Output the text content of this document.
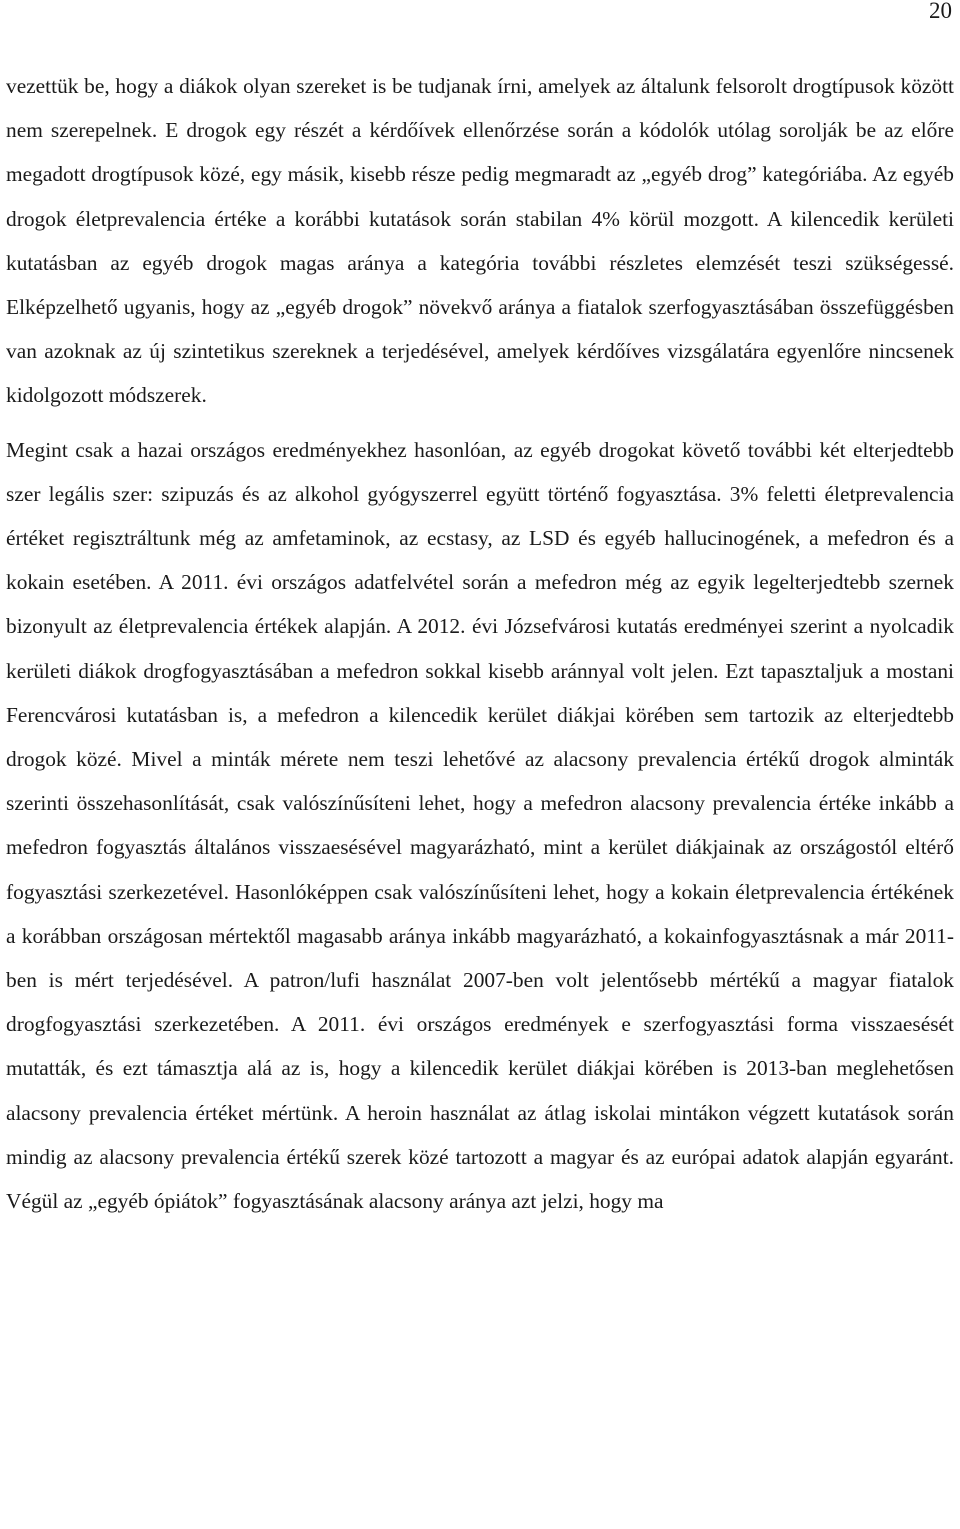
20

vezettük be, hogy a diákok olyan szereket is be tudjanak írni, amelyek az általunk felsorolt drogtípusok között nem szerepelnek. E drogok egy részét a kérdőívek ellenőrzése során a kódolók utólag sorolják be az előre megadott drogtípusok közé, egy másik, kisebb része pedig megmaradt az „egyéb drog” kategóriába. Az egyéb drogok életprevalencia értéke a korábbi kutatások során stabilan 4% körül mozgott. A kilencedik kerületi kutatásban az egyéb drogok magas aránya a kategória további részletes elemzését teszi szükségessé. Elképzelhető ugyanis, hogy az „egyéb drogok” növekvő aránya a fiatalok szerfogyasztásában összefüggésben van azoknak az új szintetikus szereknek a terjedésével, amelyek kérdőíves vizsgálatára egyenlőre nincsenek kidolgozott módszerek.

Megint csak a hazai országos eredményekhez hasonlóan, az egyéb drogokat követő további két elterjedtebb szer legális szer: szipuzás és az alkohol gyógyszerrel együtt történő fogyasztása. 3% feletti életprevalencia értéket regisztráltunk még az amfetaminok, az ecstasy, az LSD és egyéb hallucinogének, a mefedron és a kokain esetében. A 2011. évi országos adatfelvétel során a mefedron még az egyik legelterjedtebb szernek bizonyult az életprevalencia értékek alapján. A 2012. évi Józsefvárosi kutatás eredményei szerint a nyolcadik kerületi diákok drogfogyasztásában a mefedron sokkal kisebb aránnyal volt jelen. Ezt tapasztaljuk a mostani Ferencvárosi kutatásban is, a mefedron a kilencedik kerület diákjai körében sem tartozik az elterjedtebb drogok közé. Mivel a minták mérete nem teszi lehetővé az alacsony prevalencia értékű drogok alminták szerinti összehasonlítását, csak valószínűsíteni lehet, hogy a mefedron alacsony prevalencia értéke inkább a mefedron fogyasztás általános visszaesésével magyarázható, mint a kerület diákjainak az országostól eltérő fogyasztási szerkezetével. Hasonlóképpen csak valószínűsíteni lehet, hogy a kokain életprevalencia értékének a korábban országosan mértektől magasabb aránya inkább magyarázható, a kokainfogyasztásnak a már 2011-ben is mért terjedésével. A patron/lufi használat 2007-ben volt jelentősebb mértékű a magyar fiatalok drogfogyasztási szerkezetében. A 2011. évi országos eredmények e szerfogyasztási forma visszaesését mutatták, és ezt támasztja alá az is, hogy a kilencedik kerület diákjai körében is 2013-ban meglehetősen alacsony prevalencia értéket mértünk. A heroin használat az átlag iskolai mintákon végzett kutatások során mindig az alacsony prevalencia értékű szerek közé tartozott a magyar és az európai adatok alapján egyaránt. Végül az „egyéb ópiátok” fogyasztásának alacsony aránya azt jelzi, hogy ma
